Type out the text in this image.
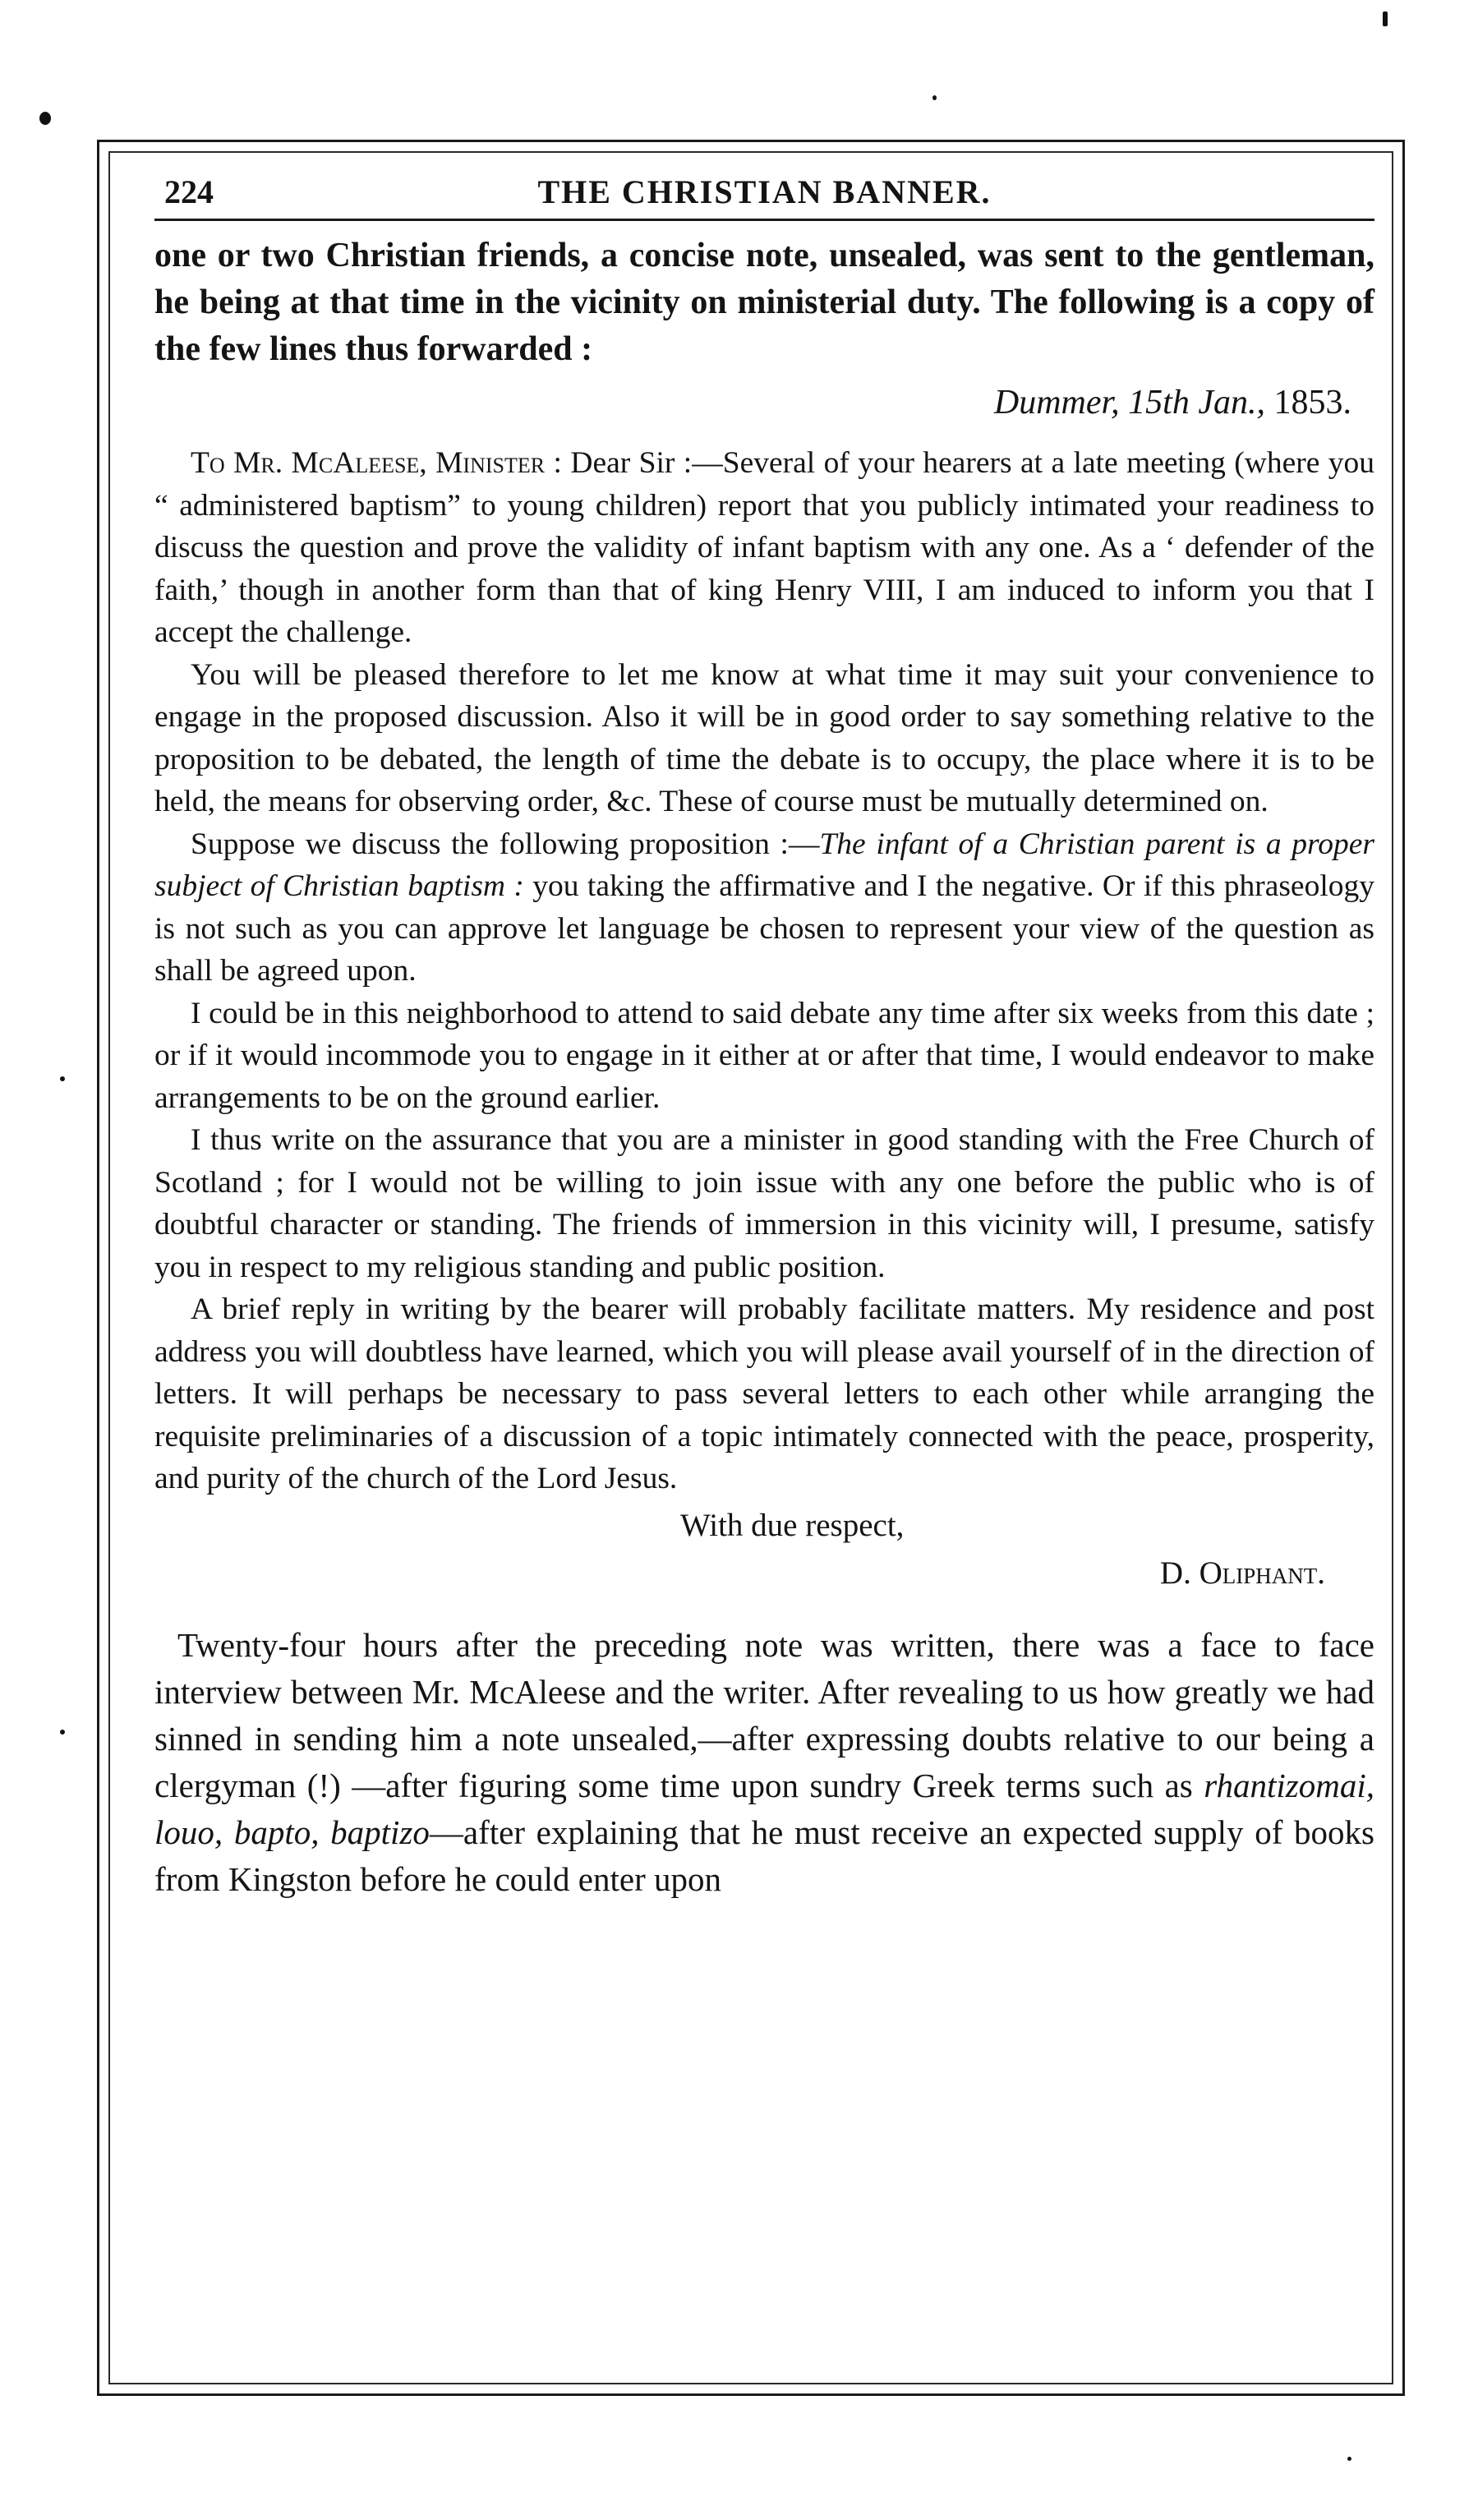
224	THE CHRISTIAN BANNER.

one or two Christian friends, a concise note, unsealed, was sent to the gentleman, he being at that time in the vicinity on ministerial duty. The following is a copy of the few lines thus forwarded :

Dummer, 15th Jan., 1853.

To Mr. McAleese, Minister : Dear Sir :—Several of your hearers at a late meeting (where you “ administered baptism” to young children) report that you publicly intimated your readiness to discuss the question and prove the validity of infant baptism with any one. As a ‘ defender of the faith,’ though in another form than that of king Henry VIII, I am induced to inform you that I accept the challenge.

You will be pleased therefore to let me know at what time it may suit your convenience to engage in the proposed discussion. Also it will be in good order to say something relative to the proposition to be debated, the length of time the debate is to occupy, the place where it is to be held, the means for observing order, &c. These of course must be mutually determined on.

Suppose we discuss the following proposition :—The infant of a Christian parent is a proper subject of Christian baptism : you taking the affirmative and I the negative. Or if this phraseology is not such as you can approve let language be chosen to represent your view of the question as shall be agreed upon.

I could be in this neighborhood to attend to said debate any time after six weeks from this date ; or if it would incommode you to engage in it either at or after that time, I would endeavor to make arrangements to be on the ground earlier.

I thus write on the assurance that you are a minister in good standing with the Free Church of Scotland ; for I would not be willing to join issue with any one before the public who is of doubtful character or standing. The friends of immersion in this vicinity will, I presume, satisfy you in respect to my religious standing and public position.

A brief reply in writing by the bearer will probably facilitate matters. My residence and post address you will doubtless have learned, which you will please avail yourself of in the direction of letters. It will perhaps be necessary to pass several letters to each other while arranging the requisite preliminaries of a discussion of a topic intimately connected with the peace, prosperity, and purity of the church of the Lord Jesus.

With due respect,
D. Oliphant.

Twenty-four hours after the preceding note was written, there was a face to face interview between Mr. McAleese and the writer. After revealing to us how greatly we had sinned in sending him a note unsealed,—after expressing doubts relative to our being a clergyman (!) —after figuring some time upon sundry Greek terms such as rhantizomai, louo, bapto, baptizo—after explaining that he must receive an expected supply of books from Kingston before he could enter upon
